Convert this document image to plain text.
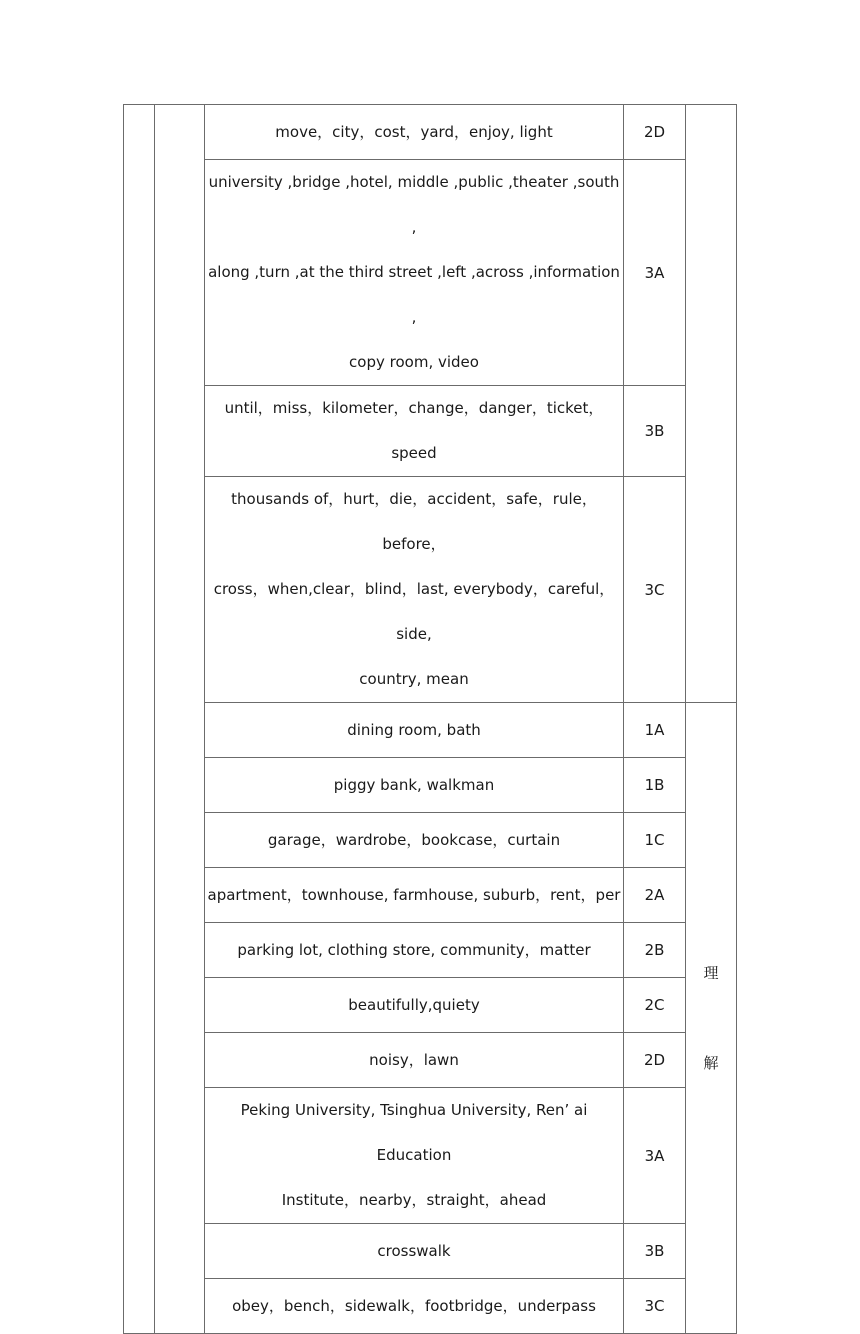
		move，city，cost，yard，enjoy, light	2D	

		university ,bridge ,hotel, middle ,public ,theater ,south ,
along ,turn ,at the third street ,left ,across ,information ,
copy room, video	3A	

		until，miss，kilometer，change，danger，ticket，speed	3B	

		thousands of，hurt，die，accident，safe，rule，before，
cross，when,clear，blind，last, everybody，careful，side,
country, mean	3C	

		dining room, bath	1A	理
解

		piggy bank, walkman	1B	

		garage，wardrobe，bookcase，curtain	1C	

		apartment，townhouse, farmhouse, suburb，rent，per	2A	

		parking lot, clothing store, community，matter	2B	

		beautifully,quiety	2C	

		noisy，lawn	2D	

		Peking University, Tsinghua University, Ren’ ai Education
Institute，nearby，straight，ahead	3A	

		crosswalk	3B	

		obey，bench，sidewalk，footbridge，underpass	3C	
